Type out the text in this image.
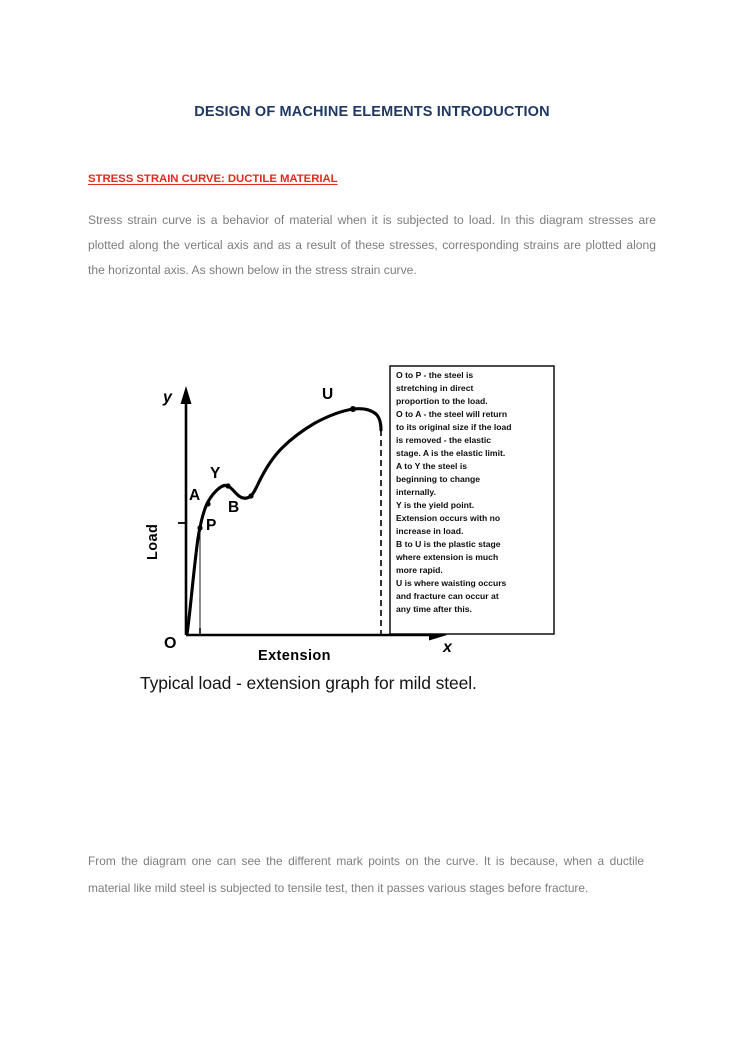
DESIGN OF MACHINE ELEMENTS INTRODUCTION
STRESS STRAIN CURVE: DUCTILE MATERIAL
Stress strain curve is a behavior of material when it is subjected to load. In this diagram stresses are plotted along the vertical axis and as a result of these stresses, corresponding strains are plotted along the horizontal axis. As shown below in the stress strain curve.
y
x
A
P
Y
B
U
O
Load
Extension
O to P - the steel is
stretching in direct
proportion to the load.
O to A - the steel will return
to its original size if the load
is removed - the elastic
stage. A is the elastic limit.
A to Y the steel is
beginning to change
internally.
Y is the yield point.
Extension occurs with no
increase in load.
B to U is the plastic stage
where extension is much
more rapid.
U is where waisting occurs
and fracture can occur at
any time after this.
Typical load - extension graph for mild steel.
From the diagram one can see the different mark points on the curve. It is because, when a ductile material like mild steel is subjected to tensile test, then it passes various stages before fracture.
